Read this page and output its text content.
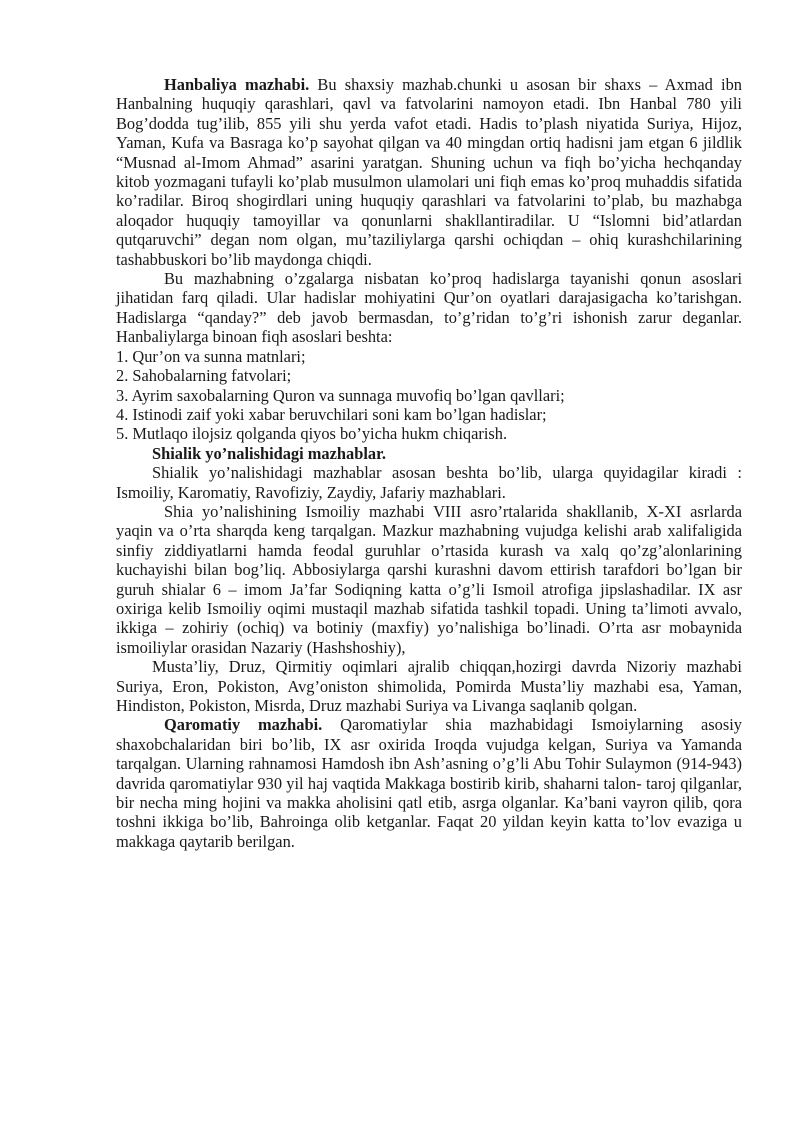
Hanbaliya mazhabi. Bu shaxsiy mazhab.chunki u asosan bir shaxs – Axmad ibn Hanbalning huquqiy qarashlari, qavl va fatvolarini namoyon etadi. Ibn Hanbal 780 yili Bog’dodda tug’ilib, 855 yili shu yerda vafot etadi. Hadis to’plash niyatida Suriya, Hijoz, Yaman, Kufa va Basraga ko’p sayohat qilgan va 40 mingdan ortiq hadisni jam etgan 6 jildlik “Musnad al-Imom Ahmad” asarini yaratgan. Shuning uchun va fiqh bo’yicha hechqanday kitob yozmagani tufayli ko’plab musulmon ulamolari uni fiqh emas ko’proq muhaddis sifatida ko’radilar. Biroq shogirdlari uning huquqiy qarashlari va fatvolarini to’plab, bu mazhabga aloqador huquqiy tamoyillar va qonunlarni shakllantiradilar. U “Islomni bid’atlardan qutqaruvchi” degan nom olgan, mu’taziliylarga qarshi ochiqdan – ohiq kurashchilarining tashabbuskori bo’lib maydonga chiqdi.

Bu mazhabning o’zgalarga nisbatan ko’proq hadislarga tayanishi qonun asoslari jihatidan farq qiladi. Ular hadislar mohiyatini Qur’on oyatlari darajasigacha ko’tarishgan. Hadislarga “qanday?” deb javob bermasdan, to’g’ridan to’g’ri ishonish zarur deganlar. Hanbaliylarga binoan fiqh asoslari beshta:

1. Qur’on va sunna matnlari;

2. Sahobalarning fatvolari;

3. Ayrim saxobalarning Quron va sunnaga muvofiq bo’lgan qavllari;

4. Istinodi zaif yoki xabar beruvchilari soni kam bo’lgan hadislar;

5. Mutlaqo ilojsiz qolganda qiyos bo’yicha hukm chiqarish.

Shialik yo’nalishidagi mazhablar.

Shialik yo’nalishidagi mazhablar asosan beshta bo’lib, ularga quyidagilar kiradi : Ismoiliy, Karomatiy, Ravofiziy, Zaydiy, Jafariy mazhablari.

Shia yo’nalishining Ismoiliy mazhabi VIII asro’rtalarida shakllanib, X-XI asrlarda yaqin va o’rta sharqda keng tarqalgan. Mazkur mazhabning vujudga kelishi arab xalifaligida sinfiy ziddiyatlarni hamda feodal guruhlar o’rtasida kurash va xalq qo’zg’alonlarining kuchayishi bilan bog’liq. Abbosiylarga qarshi kurashni davom ettirish tarafdori bo’lgan bir guruh shialar 6 – imom Ja’far Sodiqning katta o’g’li Ismoil atrofiga jipslashadilar. IX asr oxiriga kelib Ismoiliy oqimi mustaqil mazhab sifatida tashkil topadi. Uning ta’limoti avvalo, ikkiga – zohiriy (ochiq) va botiniy (maxfiy) yo’nalishiga bo’linadi. O’rta asr mobaynida ismoiliylar orasidan Nazariy (Hashshoshiy),

Musta’liy, Druz, Qirmitiy oqimlari ajralib chiqqan,hozirgi davrda Nizoriy mazhabi Suriya, Eron, Pokiston, Avg’oniston shimolida, Pomirda Musta’liy mazhabi esa, Yaman, Hindiston, Pokiston, Misrda, Druz mazhabi Suriya va Livanga saqlanib qolgan.

Qaromatiy mazhabi. Qaromatiylar shia mazhabidagi Ismoiylarning asosiy shaxobchalaridan biri bo’lib, IX asr oxirida Iroqda vujudga kelgan, Suriya va Yamanda tarqalgan. Ularning rahnamosi Hamdosh ibn Ash’asning o’g’li Abu Tohir Sulaymon (914-943) davrida qaromatiylar 930 yil haj vaqtida Makkaga bostirib kirib, shaharni talon- taroj qilganlar, bir necha ming hojini va makka aholisini qatl etib, asrga olganlar. Ka’bani vayron qilib, qora toshni ikkiga bo’lib, Bahroinga olib ketganlar. Faqat 20 yildan keyin katta to’lov evaziga u makkaga qaytarib berilgan.
